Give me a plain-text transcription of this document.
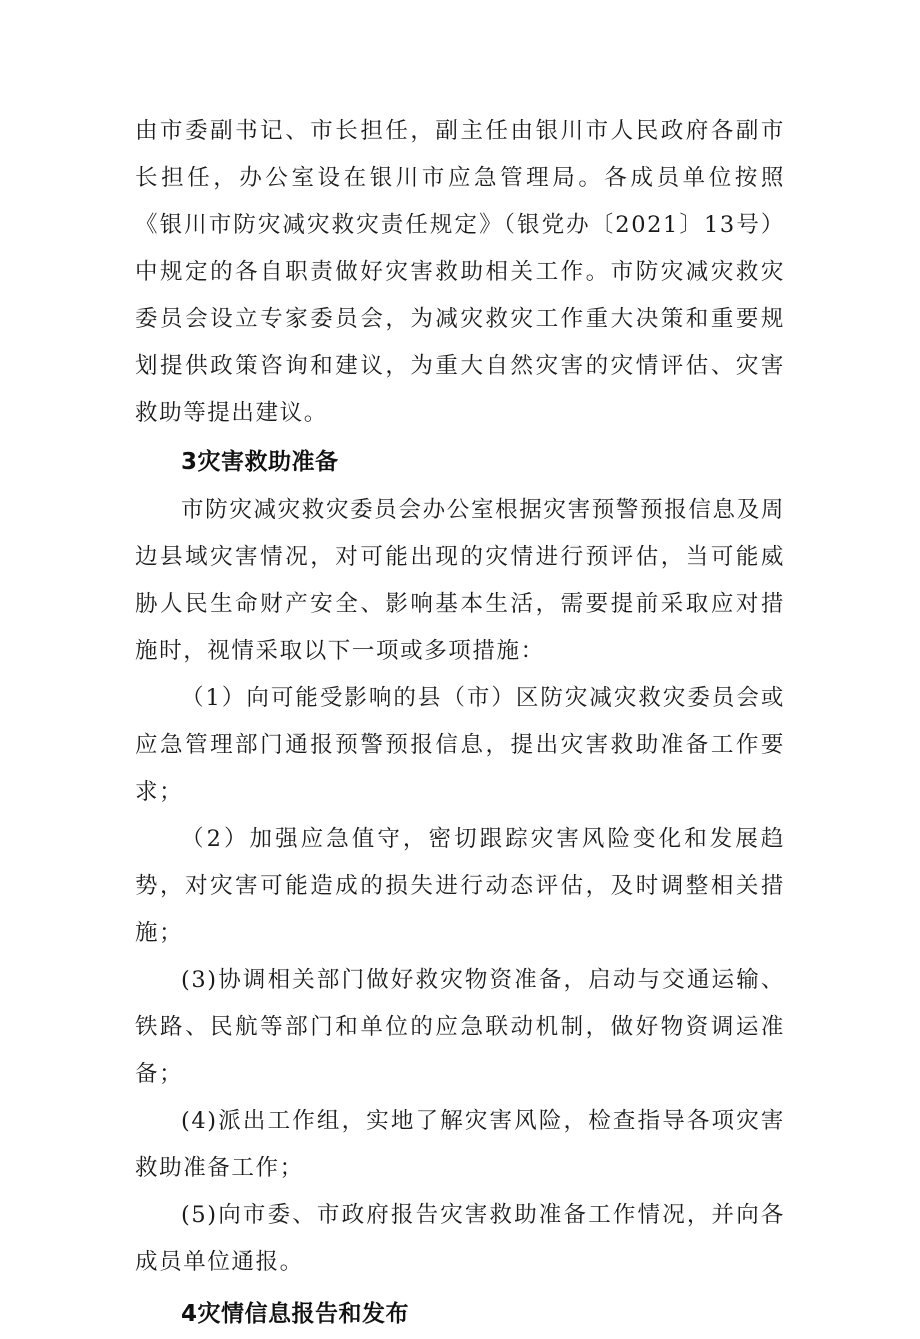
由市委副书记、市长担任，副主任由银川市人民政府各副市长担任，办公室设在银川市应急管理局。各成员单位按照《银川市防灾减灾救灾责任规定》（银党办〔2021〕13号）中规定的各自职责做好灾害救助相关工作。市防灾减灾救灾委员会设立专家委员会，为减灾救灾工作重大决策和重要规划提供政策咨询和建议，为重大自然灾害的灾情评估、灾害救助等提出建议。

3灾害救助准备

市防灾减灾救灾委员会办公室根据灾害预警预报信息及周边县域灾害情况，对可能出现的灾情进行预评估，当可能威胁人民生命财产安全、影响基本生活，需要提前采取应对措施时，视情采取以下一项或多项措施：

（1）向可能受影响的县（市）区防灾减灾救灾委员会或应急管理部门通报预警预报信息，提出灾害救助准备工作要求；

（2）加强应急值守，密切跟踪灾害风险变化和发展趋势，对灾害可能造成的损失进行动态评估，及时调整相关措施；

(3)协调相关部门做好救灾物资准备，启动与交通运输、铁路、民航等部门和单位的应急联动机制，做好物资调运准备；

(4)派出工作组，实地了解灾害风险，检查指导各项灾害救助准备工作；

(5)向市委、市政府报告灾害救助准备工作情况，并向各成员单位通报。

4灾情信息报告和发布
